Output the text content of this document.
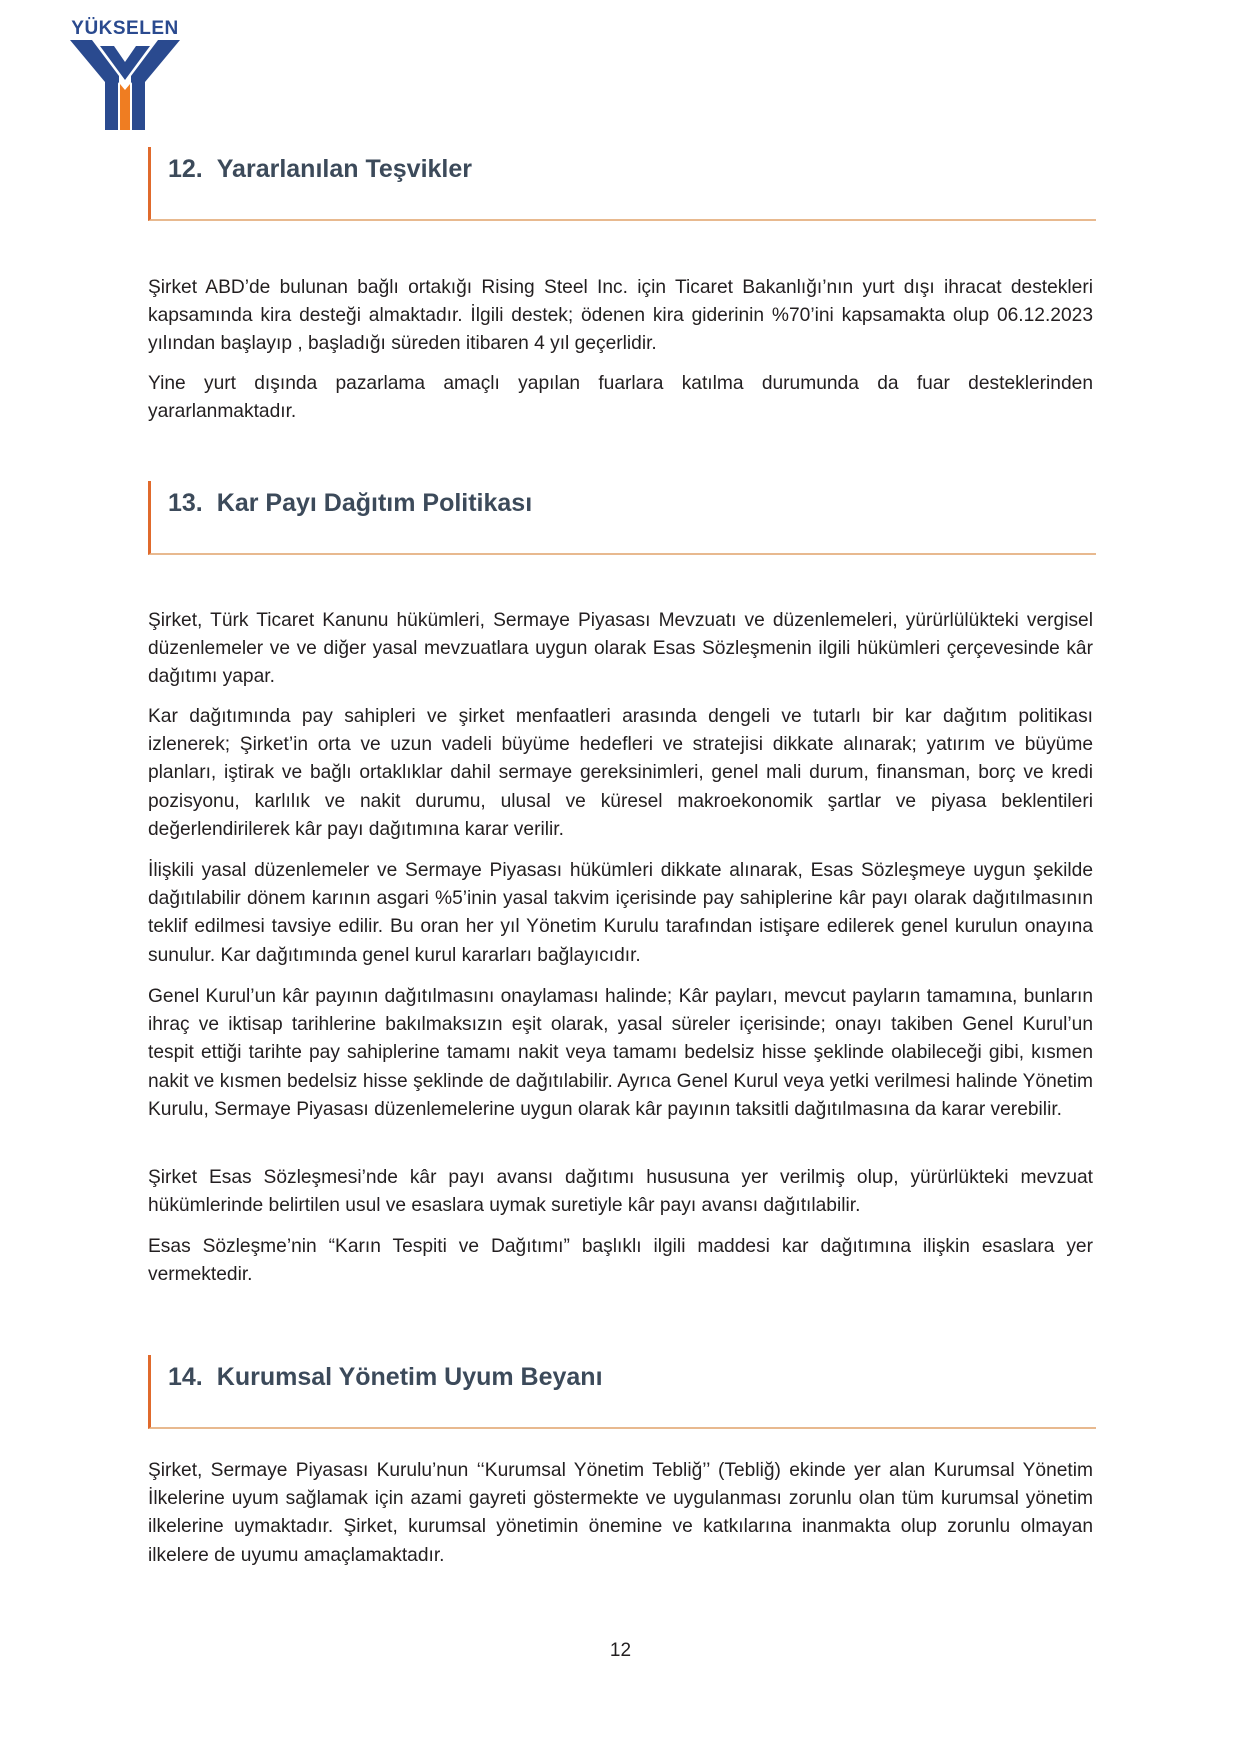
YÜKSELEN
12. Yararlanılan Teşvikler

Şirket ABD’de bulunan bağlı ortakığı Rising Steel Inc. için Ticaret Bakanlığı’nın yurt dışı ihracat destekleri kapsamında kira desteği almaktadır. İlgili destek; ödenen kira giderinin %70’ini kapsamakta olup 06.12.2023 yılından başlayıp , başladığı süreden itibaren 4 yıl geçerlidir.

Yine yurt dışında pazarlama amaçlı yapılan fuarlara katılma durumunda da fuar desteklerinden yararlanmaktadır.

13. Kar Payı Dağıtım Politikası

Şirket, Türk Ticaret Kanunu hükümleri, Sermaye Piyasası Mevzuatı ve düzenlemeleri, yürürlülükteki vergisel düzenlemeler ve ve diğer yasal mevzuatlara uygun olarak Esas Sözleşmenin ilgili hükümleri çerçevesinde kâr dağıtımı yapar.

Kar dağıtımında pay sahipleri ve şirket menfaatleri arasında dengeli ve tutarlı bir kar dağıtım politikası izlenerek; Şirket’in orta ve uzun vadeli büyüme hedefleri ve stratejisi dikkate alınarak; yatırım ve büyüme planları, iştirak ve bağlı ortaklıklar dahil sermaye gereksinimleri, genel mali durum, finansman, borç ve kredi pozisyonu, karlılık ve nakit durumu, ulusal ve küresel makroekonomik şartlar ve piyasa beklentileri değerlendirilerek kâr payı dağıtımına karar verilir.

İlişkili yasal düzenlemeler ve Sermaye Piyasası hükümleri dikkate alınarak, Esas Sözleşmeye uygun şekilde dağıtılabilir dönem karının asgari %5’inin yasal takvim içerisinde pay sahiplerine kâr payı olarak dağıtılmasının teklif edilmesi tavsiye edilir. Bu oran her yıl Yönetim Kurulu tarafından istişare edilerek genel kurulun onayına sunulur. Kar dağıtımında genel kurul kararları bağlayıcıdır.

Genel Kurul’un kâr payının dağıtılmasını onaylaması halinde; Kâr payları, mevcut payların tamamına, bunların ihraç ve iktisap tarihlerine bakılmaksızın eşit olarak, yasal süreler içerisinde; onayı takiben Genel Kurul’un tespit ettiği tarihte pay sahiplerine tamamı nakit veya tamamı bedelsiz hisse şeklinde olabileceği gibi, kısmen nakit ve kısmen bedelsiz hisse şeklinde de dağıtılabilir. Ayrıca Genel Kurul veya yetki verilmesi halinde Yönetim Kurulu, Sermaye Piyasası düzenlemelerine uygun olarak kâr payının taksitli dağıtılmasına da karar verebilir.

Şirket Esas Sözleşmesi’nde kâr payı avansı dağıtımı hususuna yer verilmiş olup, yürürlükteki mevzuat hükümlerinde belirtilen usul ve esaslara uymak suretiyle kâr payı avansı dağıtılabilir.

Esas Sözleşme’nin “Karın Tespiti ve Dağıtımı” başlıklı ilgili maddesi kar dağıtımına ilişkin esaslara yer vermektedir.

14. Kurumsal Yönetim Uyum Beyanı

Şirket, Sermaye Piyasası Kurulu’nun ‘‘Kurumsal Yönetim Tebliğ’’ (Tebliğ) ekinde yer alan Kurumsal Yönetim İlkelerine uyum sağlamak için azami gayreti göstermekte ve uygulanması zorunlu olan tüm kurumsal yönetim ilkelerine uymaktadır. Şirket, kurumsal yönetimin önemine ve katkılarına inanmakta olup zorunlu olmayan ilkelere de uyumu amaçlamaktadır.

12
